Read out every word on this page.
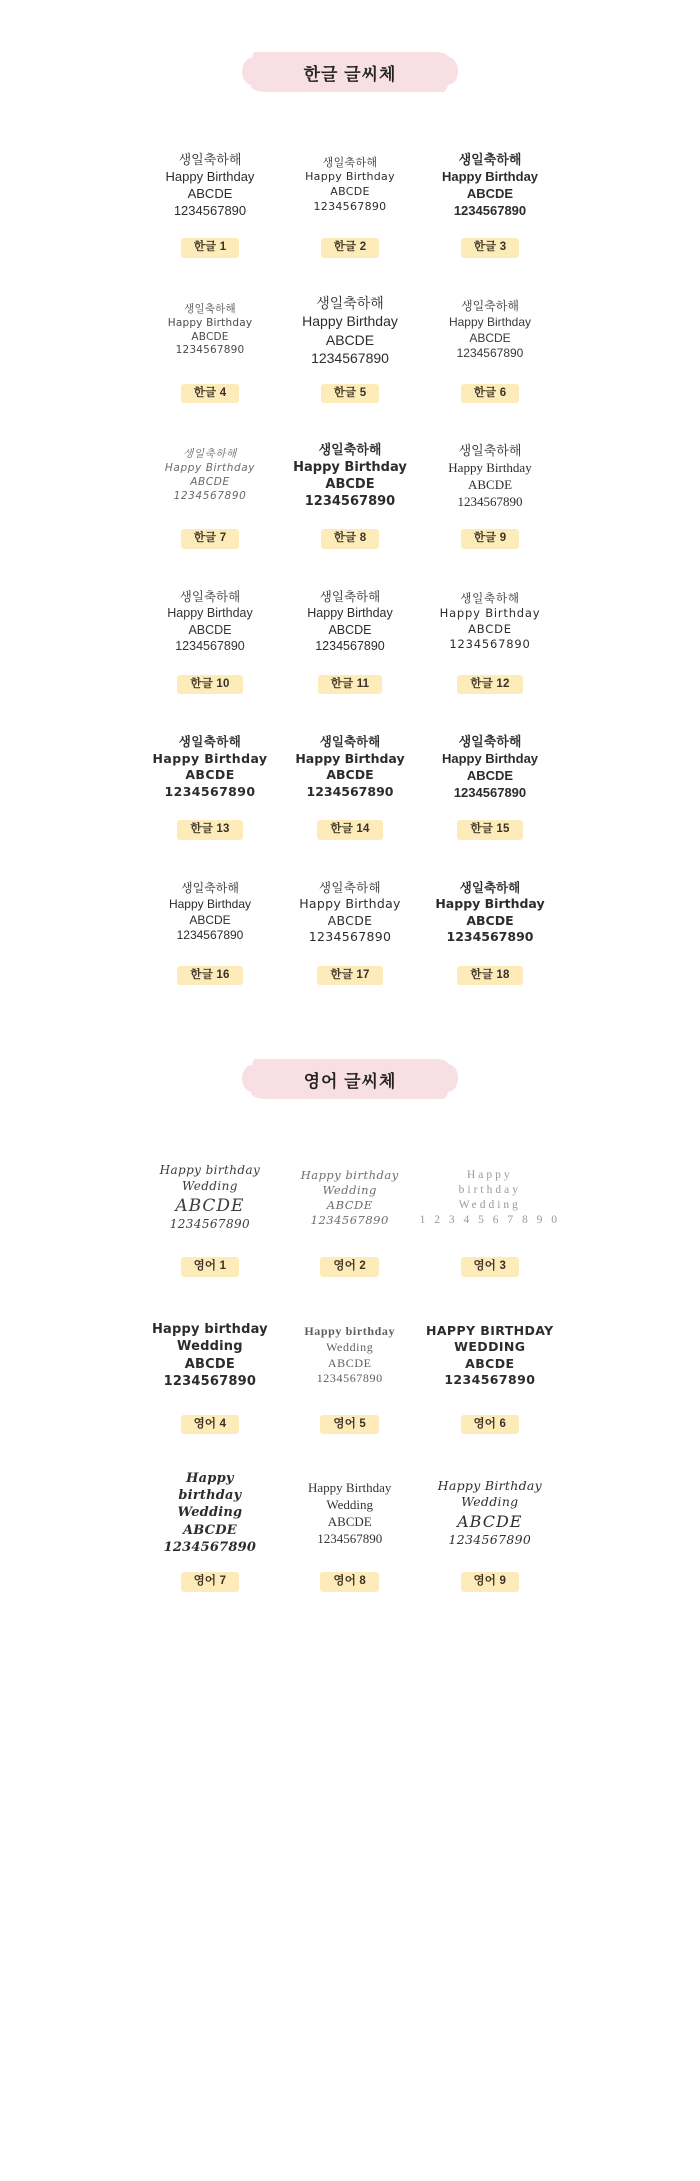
한글 글씨체
생일축하해
Happy Birthday
ABCDE
1234567890
한글 1
생일축하해
Happy Birthday
ABCDE
1234567890
한글 2
생일축하해
Happy Birthday
ABCDE
1234567890
한글 3
생일축하해
Happy Birthday
ABCDE
1234567890
한글 4
생일축하해
Happy Birthday
ABCDE
1234567890
한글 5
생일축하해
Happy Birthday
ABCDE
1234567890
한글 6
생일축하해
Happy Birthday
ABCDE
1234567890
한글 7
생일축하해
Happy Birthday
ABCDE
1234567890
한글 8
생일축하해
Happy Birthday
ABCDE
1234567890
한글 9
생일축하해
Happy Birthday
ABCDE
1234567890
한글 10
생일축하해
Happy Birthday
ABCDE
1234567890
한글 11
생일축하해
Happy Birthday
ABCDE
1234567890
한글 12
생일축하해
Happy Birthday
ABCDE
1234567890
한글 13
생일축하해
Happy Birthday
ABCDE
1234567890
한글 14
생일축하해
Happy Birthday
ABCDE
1234567890
한글 15
생일축하해
Happy Birthday
ABCDE
1234567890
한글 16
생일축하해
Happy Birthday
ABCDE
1234567890
한글 17
생일축하해
Happy Birthday
ABCDE
1234567890
한글 18
영어 글씨체
Happy birthday
Wedding
ABCDE
1234567890
영어 1
Happy birthday
Wedding
ABCDE
1234567890
영어 2
Happy
birthday
Wedding
1 2 3 4 5 6 7 8 9 0
영어 3
Happy birthday
Wedding
ABCDE
1234567890
영어 4
Happy birthday
Wedding
ABCDE
1234567890
영어 5
HAPPY BIRTHDAY
WEDDING
ABCDE
1234567890
영어 6
Happy
birthday
Wedding
ABCDE
1234567890
영어 7
Happy Birthday
Wedding
ABCDE
1234567890
영어 8
Happy Birthday
Wedding
ABCDE
1234567890
영어 9
